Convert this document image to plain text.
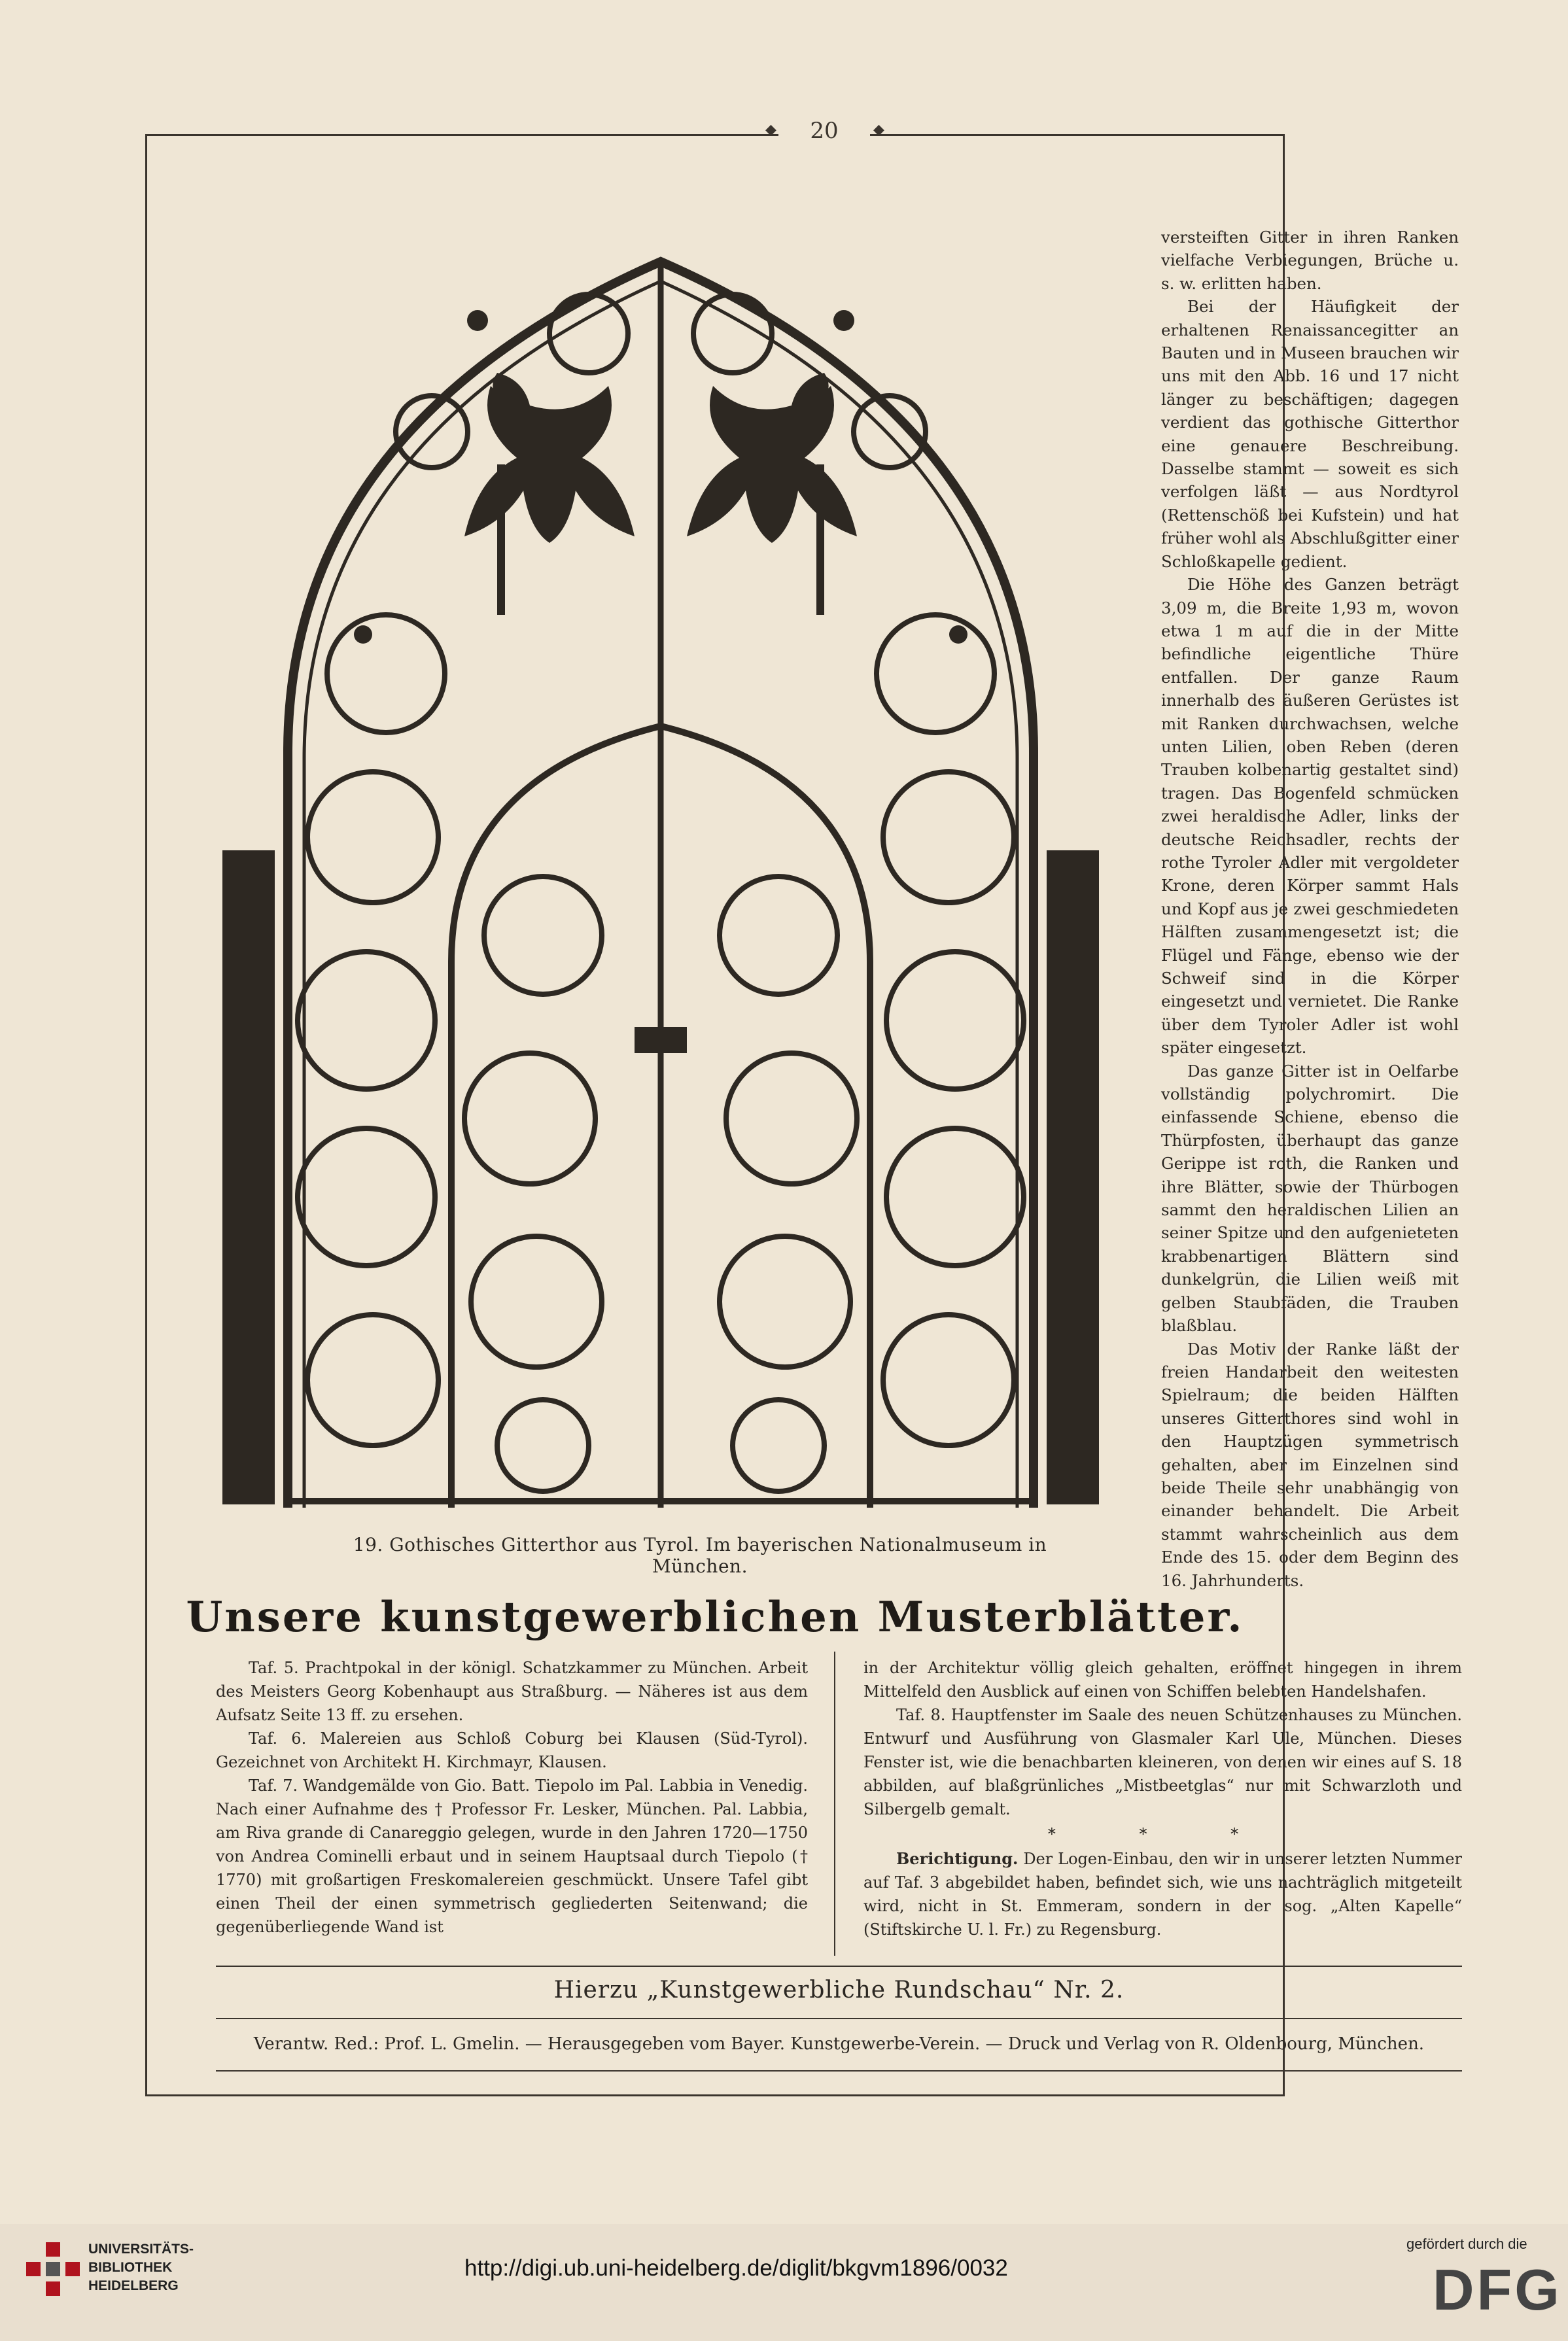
◆	20	◆
19. Gothisches Gitterthor aus Tyrol. Im bayerischen Nationalmuseum in München.

versteiften Gitter in ihren Ranken vielfache Verbiegungen, Brüche u. s. w. erlitten haben.

Bei der Häufigkeit der erhaltenen Renaissancegitter an Bauten und in Museen brauchen wir uns mit den Abb. 16 und 17 nicht länger zu beschäftigen; dagegen verdient das gothische Gitterthor eine genauere Beschreibung. Dasselbe stammt — soweit es sich verfolgen läßt — aus Nordtyrol (Rettenschöß bei Kufstein) und hat früher wohl als Abschlußgitter einer Schloßkapelle gedient.

Die Höhe des Ganzen beträgt 3,09 m, die Breite 1,93 m, wovon etwa 1 m auf die in der Mitte befindliche eigentliche Thüre entfallen. Der ganze Raum innerhalb des äußeren Gerüstes ist mit Ranken durchwachsen, welche unten Lilien, oben Reben (deren Trauben kolbenartig gestaltet sind) tragen. Das Bogenfeld schmücken zwei heraldische Adler, links der deutsche Reichsadler, rechts der rothe Tyroler Adler mit vergoldeter Krone, deren Körper sammt Hals und Kopf aus je zwei geschmiedeten Hälften zusammengesetzt ist; die Flügel und Fänge, ebenso wie der Schweif sind in die Körper eingesetzt und vernietet. Die Ranke über dem Tyroler Adler ist wohl später eingesetzt.

Das ganze Gitter ist in Oelfarbe vollständig polychromirt. Die einfassende Schiene, ebenso die Thürpfosten, überhaupt das ganze Gerippe ist roth, die Ranken und ihre Blätter, sowie der Thürbogen sammt den heraldischen Lilien an seiner Spitze und den aufgenieteten krabbenartigen Blättern sind dunkelgrün, die Lilien weiß mit gelben Staubfäden, die Trauben blaßblau.

Das Motiv der Ranke läßt der freien Handarbeit den weitesten Spielraum; die beiden Hälften unseres Gitterthores sind wohl in den Hauptzügen symmetrisch gehalten, aber im Einzelnen sind beide Theile sehr unabhängig von einander behandelt. Die Arbeit stammt wahrscheinlich aus dem Ende des 15. oder dem Beginn des 16. Jahrhunderts.

Unsere kunstgewerblichen Musterblätter.

Taf. 5. Prachtpokal in der königl. Schatzkammer zu München. Arbeit des Meisters Georg Kobenhaupt aus Straßburg. — Näheres ist aus dem Aufsatz Seite 13 ff. zu ersehen.

Taf. 6. Malereien aus Schloß Coburg bei Klausen (Süd-Tyrol). Gezeichnet von Architekt H. Kirchmayr, Klausen.

Taf. 7. Wandgemälde von Gio. Batt. Tiepolo im Pal. Labbia in Venedig. Nach einer Aufnahme des † Professor Fr. Lesker, München. Pal. Labbia, am Riva grande di Canareggio gelegen, wurde in den Jahren 1720—1750 von Andrea Cominelli erbaut und in seinem Hauptsaal durch Tiepolo († 1770) mit großartigen Freskomalereien geschmückt. Unsere Tafel gibt einen Theil der einen symmetrisch gegliederten Seitenwand; die gegenüberliegende Wand ist

in der Architektur völlig gleich gehalten, eröffnet hingegen in ihrem Mittelfeld den Ausblick auf einen von Schiffen belebten Handelshafen.

Taf. 8. Hauptfenster im Saale des neuen Schützenhauses zu München. Entwurf und Ausführung von Glasmaler Karl Ule, München. Dieses Fenster ist, wie die benachbarten kleineren, von denen wir eines auf S. 18 abbilden, auf blaßgrünliches „Mistbeetglas“ nur mit Schwarzloth und Silbergelb gemalt.

* * *

Berichtigung. Der Logen-Einbau, den wir in unserer letzten Nummer auf Taf. 3 abgebildet haben, befindet sich, wie uns nachträglich mitgeteilt wird, nicht in St. Emmeram, sondern in der sog. „Alten Kapelle“ (Stiftskirche U. l. Fr.) zu Regensburg.

Hierzu „Kunstgewerbliche Rundschau“ Nr. 2.
Verantw. Red.: Prof. L. Gmelin. — Herausgegeben vom Bayer. Kunstgewerbe-Verein. — Druck und Verlag von R. Oldenbourg, München.
UNIVERSITÄTS-
BIBLIOTHEK
HEIDELBERG
http://digi.ub.uni-heidelberg.de/diglit/bkgvm1896/0032
gefördert durch die
DFG
